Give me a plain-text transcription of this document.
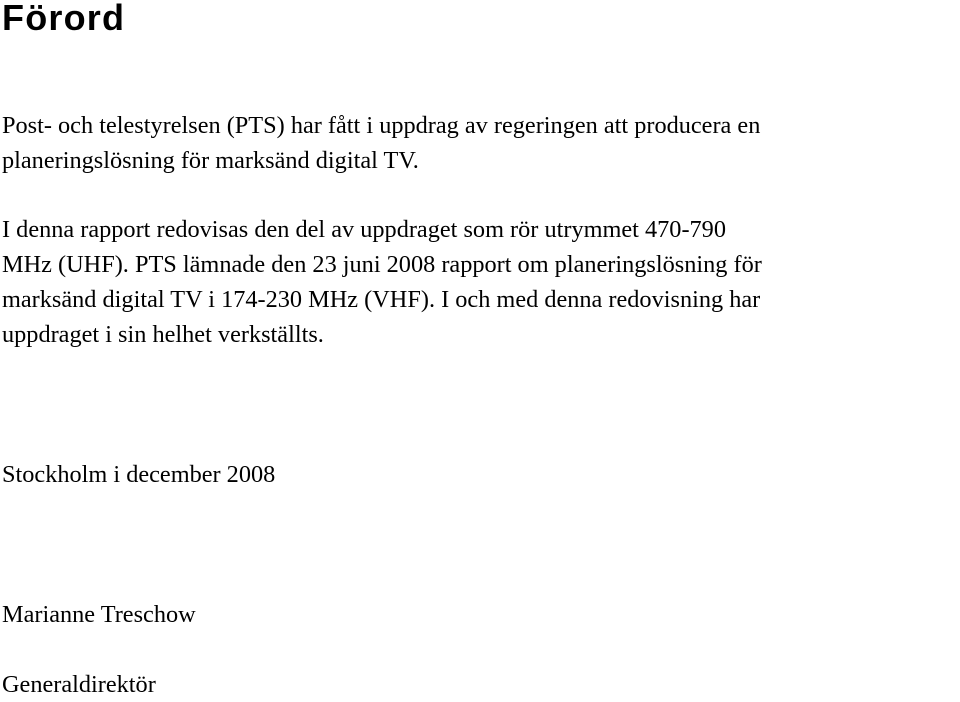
Förord

Post- och telestyrelsen (PTS) har fått i uppdrag av regeringen att producera en
planeringslösning för marksänd digital TV.

I denna rapport redovisas den del av uppdraget som rör utrymmet 470-790
MHz (UHF). PTS lämnade den 23 juni 2008 rapport om planeringslösning för
marksänd digital TV i 174-230 MHz (VHF). I och med denna redovisning har
uppdraget i sin helhet verkställts.

Stockholm i december 2008

Marianne Treschow

Generaldirektör
